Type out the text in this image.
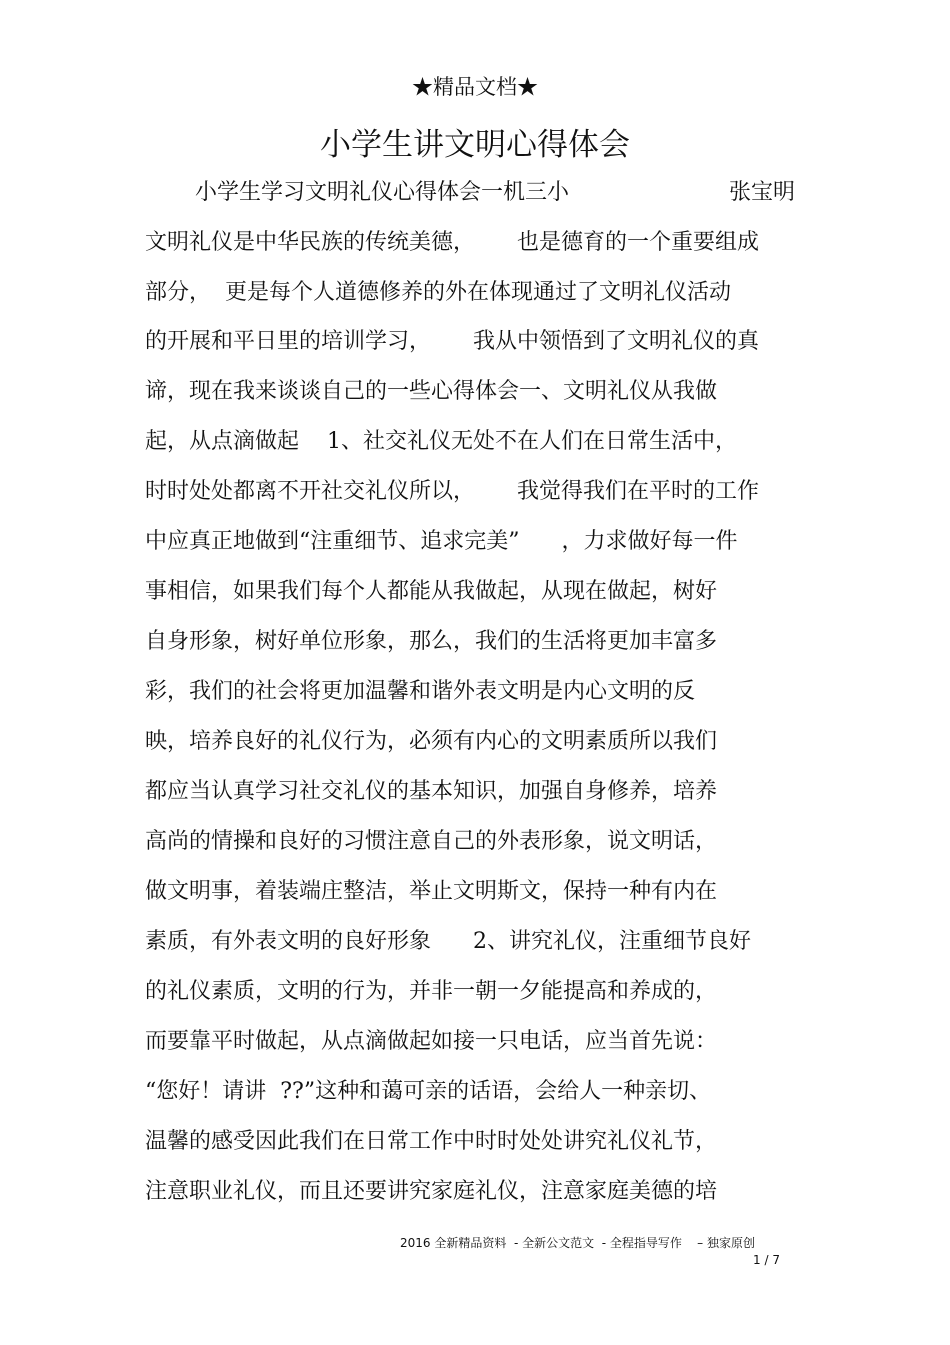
★精品文档★
小学生讲文明心得体会
小学生学习文明礼仪心得体会一机三小	张宝明
文明礼仪是中华民族的传统美德，      也是德育的一个重要组成
部分，  更是每个人道德修养的外在体现通过了文明礼仪活动
的开展和平日里的培训学习，      我从中领悟到了文明礼仪的真
谛，现在我来谈谈自己的一些心得体会一、文明礼仪从我做
起，从点滴做起    1、社交礼仪无处不在人们在日常生活中，
时时处处都离不开社交礼仪所以，      我觉得我们在平时的工作
中应真正地做到“注重细节、追求完美”      ，力求做好每一件
事相信，如果我们每个人都能从我做起，从现在做起，树好
自身形象，树好单位形象，那么，我们的生活将更加丰富多
彩，我们的社会将更加温馨和谐外表文明是内心文明的反
映，培养良好的礼仪行为，必须有内心的文明素质所以我们
都应当认真学习社交礼仪的基本知识，加强自身修养，培养
高尚的情操和良好的习惯注意自己的外表形象，说文明话，
做文明事，着装端庄整洁，举止文明斯文，保持一种有内在
素质，有外表文明的良好形象      2、讲究礼仪，注重细节良好
的礼仪素质，文明的行为，并非一朝一夕能提高和养成的，
而要靠平时做起，从点滴做起如接一只电话，应当首先说：
“您好！请讲  ??”这种和蔼可亲的话语，会给人一种亲切、
温馨的感受因此我们在日常工作中时时处处讲究礼仪礼节，
注意职业礼仪，而且还要讲究家庭礼仪，注意家庭美德的培
2016 全新精品资料  - 全新公文范文  - 全程指导写作    – 独家原创
1 / 7
